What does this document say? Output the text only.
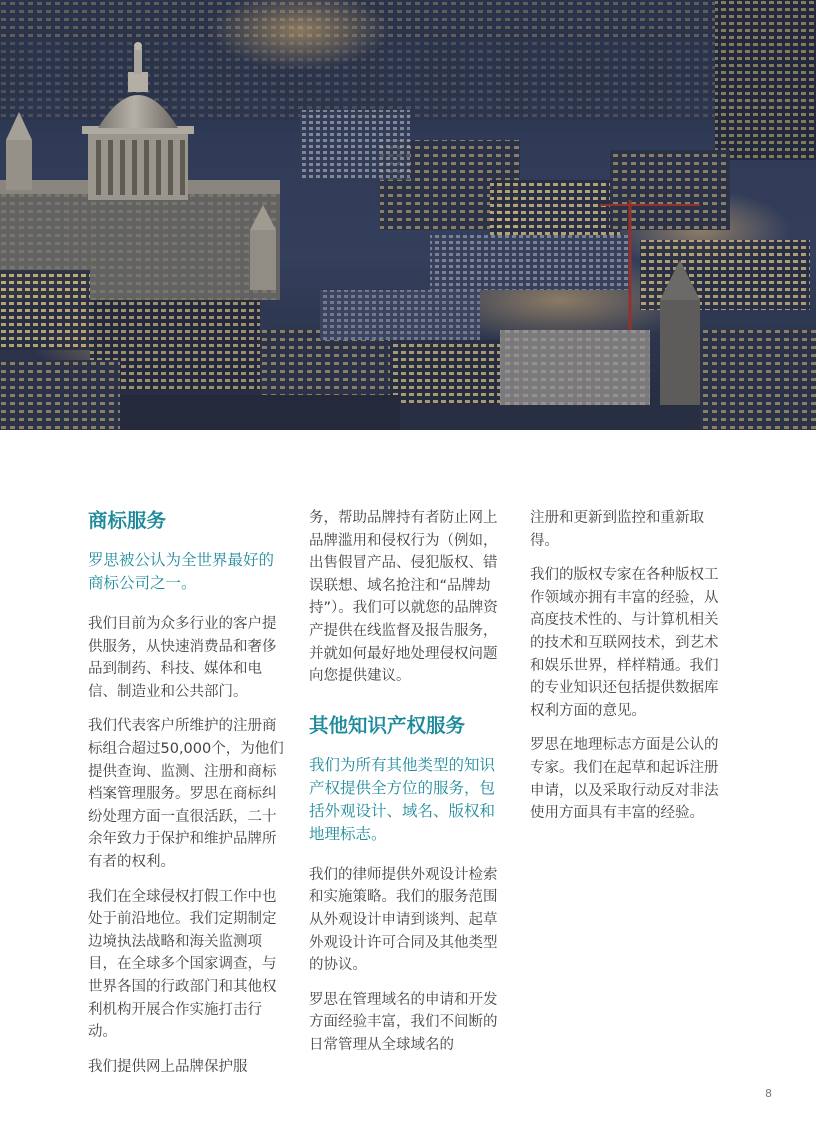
商标服务

罗思被公认为全世界最好的商标公司之一。

我们目前为众多行业的客户提供服务，从快速消费品和奢侈品到制药、科技、媒体和电信、制造业和公共部门。

我们代表客户所维护的注册商标组合超过50,000个，为他们提供查询、监测、注册和商标档案管理服务。罗思在商标纠纷处理方面一直很活跃，二十余年致力于保护和维护品牌所有者的权利。

我们在全球侵权打假工作中也处于前沿地位。我们定期制定边境执法战略和海关监测项目，在全球多个国家调查，与世界各国的行政部门和其他权利机构开展合作实施打击行动。

我们提供网上品牌保护服

务，帮助品牌持有者防止网上品牌滥用和侵权行为（例如，出售假冒产品、侵犯版权、错误联想、域名抢注和“品牌劫持”）。我们可以就您的品牌资产提供在线监督及报告服务，并就如何最好地处理侵权问题向您提供建议。

其他知识产权服务

我们为所有其他类型的知识产权提供全方位的服务，包括外观设计、域名、版权和地理标志。

我们的律师提供外观设计检索和实施策略。我们的服务范围从外观设计申请到谈判、起草外观设计许可合同及其他类型的协议。

罗思在管理域名的申请和开发方面经验丰富，我们不间断的日常管理从全球域名的

注册和更新到监控和重新取得。

我们的版权专家在各种版权工作领域亦拥有丰富的经验，从高度技术性的、与计算机相关的技术和互联网技术，到艺术和娱乐世界，样样精通。我们的专业知识还包括提供数据库权利方面的意见。

罗思在地理标志方面是公认的专家。我们在起草和起诉注册申请，以及采取行动反对非法使用方面具有丰富的经验。

8
